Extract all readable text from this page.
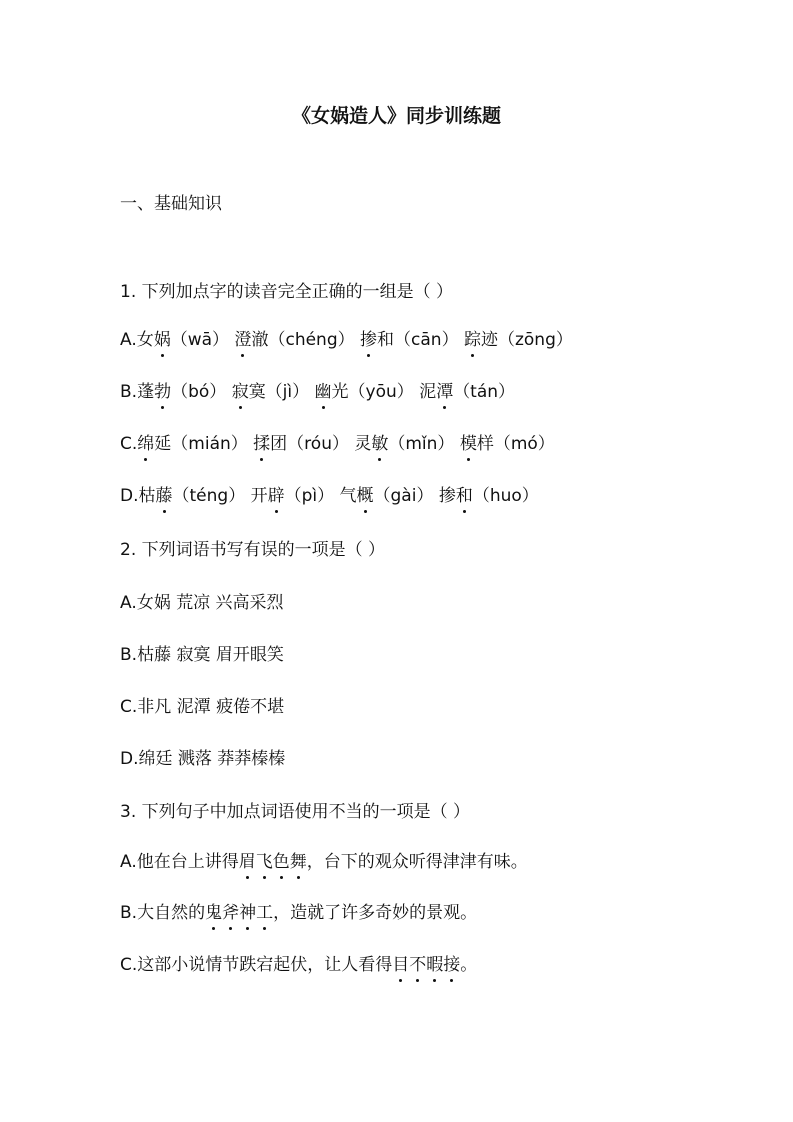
《女娲造人》同步训练题
一、基础知识
1. 下列加点字的读音完全正确的一组是（ ）
A.女娲（wā） 澄澈（chéng） 掺和（cān） 踪迹（zōng）
B.蓬勃（bó） 寂寞（jì） 幽光（yōu） 泥潭（tán）
C.绵延（mián） 揉团（róu） 灵敏（mǐn） 模样（mó）
D.枯藤（téng） 开辟（pì） 气概（gài） 掺和（huo）
2. 下列词语书写有误的一项是（ ）
A.女娲 荒凉 兴高采烈
B.枯藤 寂寞 眉开眼笑
C.非凡 泥潭 疲倦不堪
D.绵廷 溅落 莽莽榛榛
3. 下列句子中加点词语使用不当的一项是（ ）
A.他在台上讲得眉飞色舞，台下的观众听得津津有味。
B.大自然的鬼斧神工，造就了许多奇妙的景观。
C.这部小说情节跌宕起伏，让人看得目不暇接。
